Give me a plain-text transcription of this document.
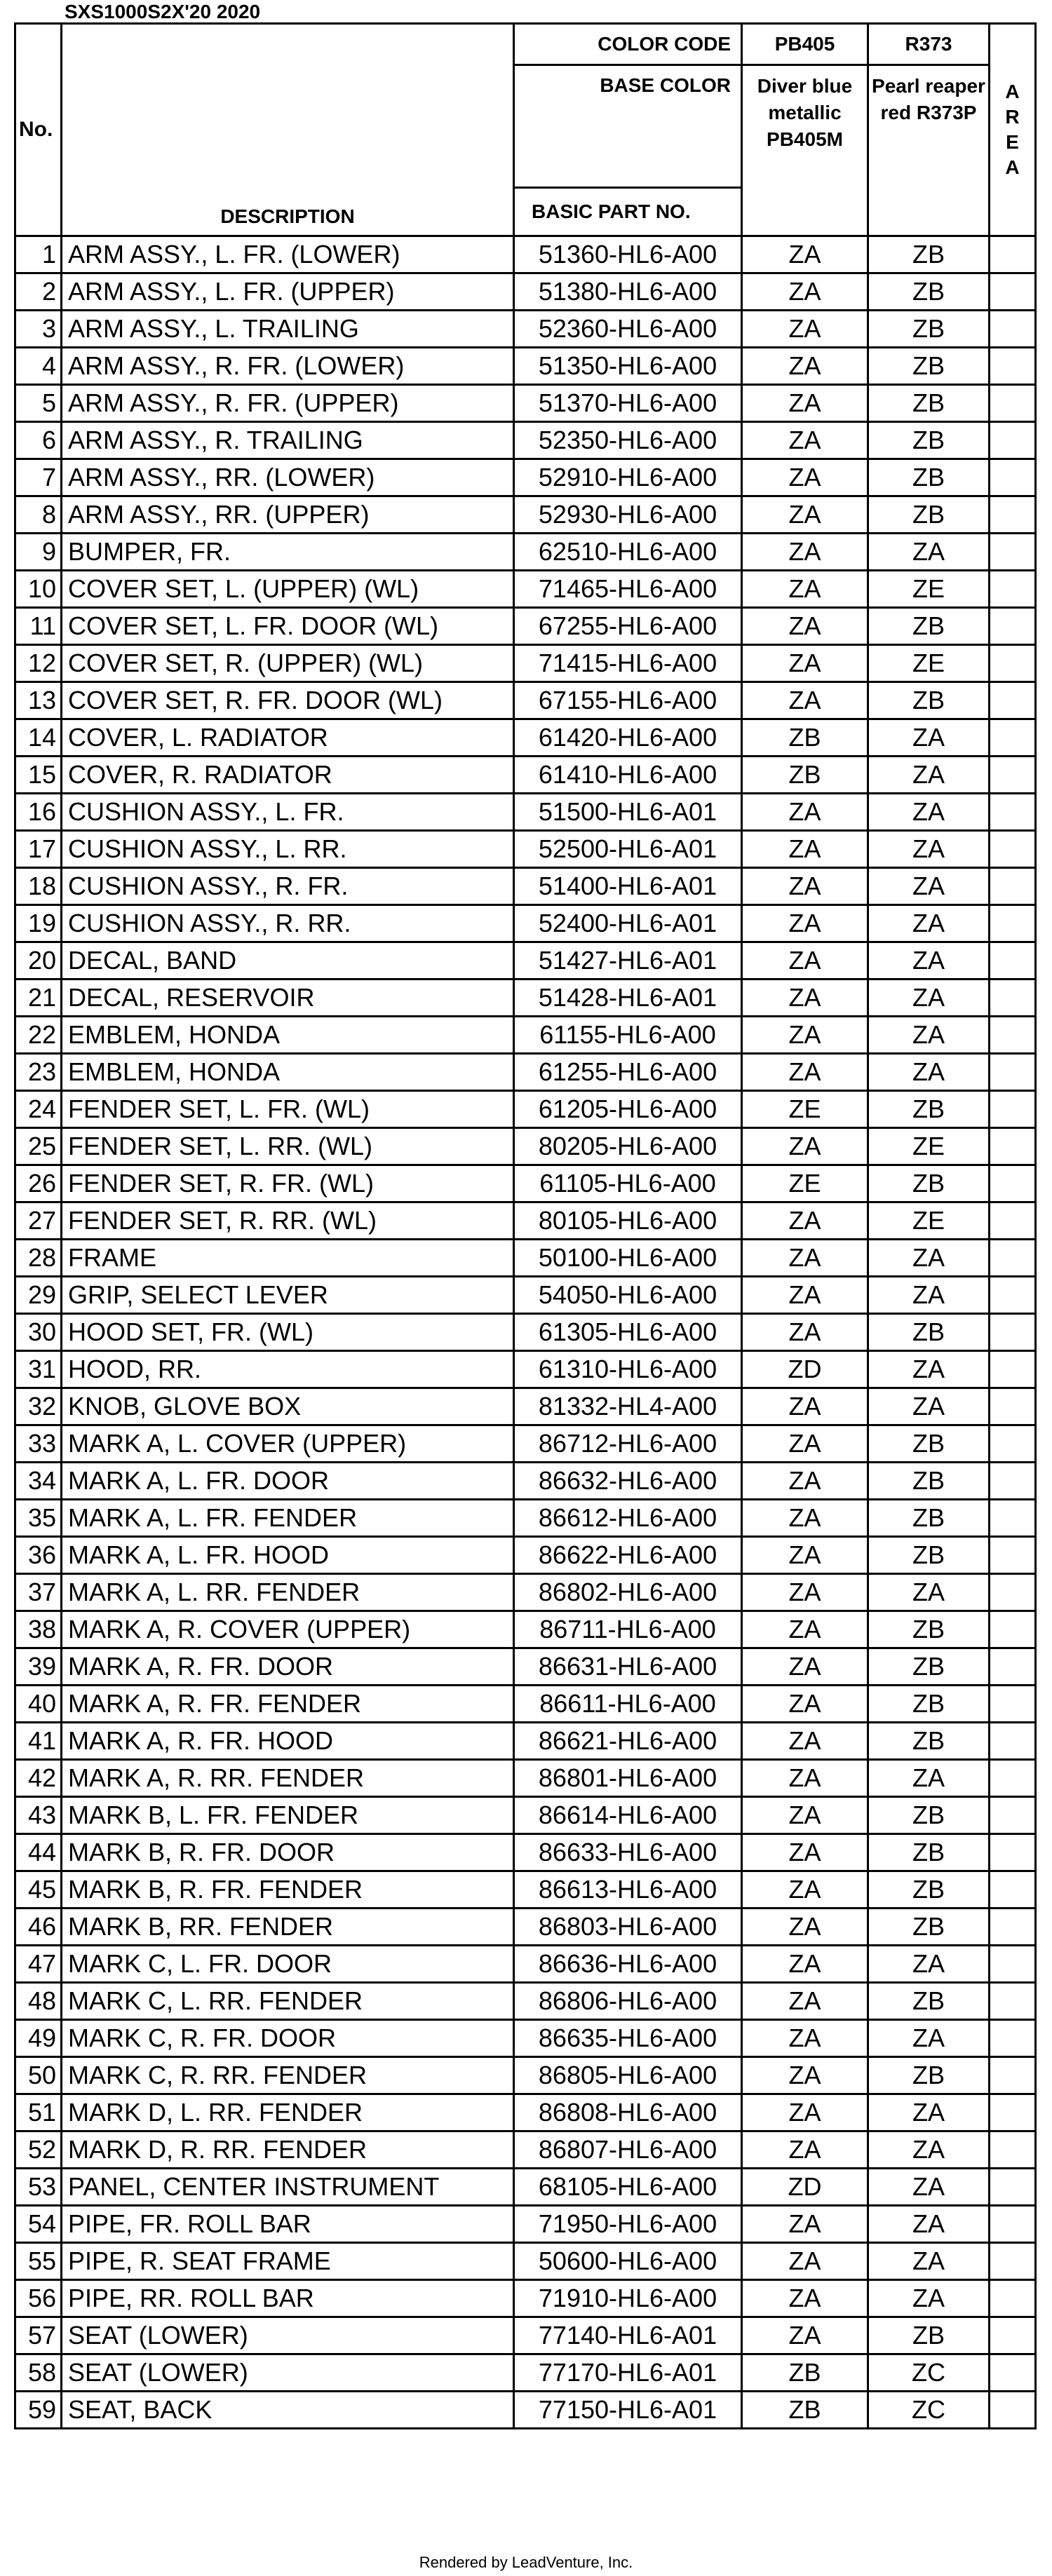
SXS1000S2X'20 2020
No.		COLOR CODE	PB405	R373	A R E A
		BASE COLOR	Diver blue metallic PB405M	Pearl reaper red R373P	
	DESCRIPTION	BASIC PART NO.			
1	ARM ASSY., L. FR. (LOWER)	51360-HL6-A00	ZA	ZB	
2	ARM ASSY., L. FR. (UPPER)	51380-HL6-A00	ZA	ZB	
3	ARM ASSY., L. TRAILING	52360-HL6-A00	ZA	ZB	
4	ARM ASSY., R. FR. (LOWER)	51350-HL6-A00	ZA	ZB	
5	ARM ASSY., R. FR. (UPPER)	51370-HL6-A00	ZA	ZB	
6	ARM ASSY., R. TRAILING	52350-HL6-A00	ZA	ZB	
7	ARM ASSY., RR. (LOWER)	52910-HL6-A00	ZA	ZB	
8	ARM ASSY., RR. (UPPER)	52930-HL6-A00	ZA	ZB	
9	BUMPER, FR.	62510-HL6-A00	ZA	ZA	
10	COVER SET, L. (UPPER) (WL)	71465-HL6-A00	ZA	ZE	
11	COVER SET, L. FR. DOOR (WL)	67255-HL6-A00	ZA	ZB	
12	COVER SET, R. (UPPER) (WL)	71415-HL6-A00	ZA	ZE	
13	COVER SET, R. FR. DOOR (WL)	67155-HL6-A00	ZA	ZB	
14	COVER, L. RADIATOR	61420-HL6-A00	ZB	ZA	
15	COVER, R. RADIATOR	61410-HL6-A00	ZB	ZA	
16	CUSHION ASSY., L. FR.	51500-HL6-A01	ZA	ZA	
17	CUSHION ASSY., L. RR.	52500-HL6-A01	ZA	ZA	
18	CUSHION ASSY., R. FR.	51400-HL6-A01	ZA	ZA	
19	CUSHION ASSY., R. RR.	52400-HL6-A01	ZA	ZA	
20	DECAL, BAND	51427-HL6-A01	ZA	ZA	
21	DECAL, RESERVOIR	51428-HL6-A01	ZA	ZA	
22	EMBLEM, HONDA	61155-HL6-A00	ZA	ZA	
23	EMBLEM, HONDA	61255-HL6-A00	ZA	ZA	
24	FENDER SET, L. FR. (WL)	61205-HL6-A00	ZE	ZB	
25	FENDER SET, L. RR. (WL)	80205-HL6-A00	ZA	ZE	
26	FENDER SET, R. FR. (WL)	61105-HL6-A00	ZE	ZB	
27	FENDER SET, R. RR. (WL)	80105-HL6-A00	ZA	ZE	
28	FRAME	50100-HL6-A00	ZA	ZA	
29	GRIP, SELECT LEVER	54050-HL6-A00	ZA	ZA	
30	HOOD SET, FR. (WL)	61305-HL6-A00	ZA	ZB	
31	HOOD, RR.	61310-HL6-A00	ZD	ZA	
32	KNOB, GLOVE BOX	81332-HL4-A00	ZA	ZA	
33	MARK A, L. COVER (UPPER)	86712-HL6-A00	ZA	ZB	
34	MARK A, L. FR. DOOR	86632-HL6-A00	ZA	ZB	
35	MARK A, L. FR. FENDER	86612-HL6-A00	ZA	ZB	
36	MARK A, L. FR. HOOD	86622-HL6-A00	ZA	ZB	
37	MARK A, L. RR. FENDER	86802-HL6-A00	ZA	ZA	
38	MARK A, R. COVER (UPPER)	86711-HL6-A00	ZA	ZB	
39	MARK A, R. FR. DOOR	86631-HL6-A00	ZA	ZB	
40	MARK A, R. FR. FENDER	86611-HL6-A00	ZA	ZB	
41	MARK A, R. FR. HOOD	86621-HL6-A00	ZA	ZB	
42	MARK A, R. RR. FENDER	86801-HL6-A00	ZA	ZA	
43	MARK B, L. FR. FENDER	86614-HL6-A00	ZA	ZB	
44	MARK B, R. FR. DOOR	86633-HL6-A00	ZA	ZB	
45	MARK B, R. FR. FENDER	86613-HL6-A00	ZA	ZB	
46	MARK B, RR. FENDER	86803-HL6-A00	ZA	ZB	
47	MARK C, L. FR. DOOR	86636-HL6-A00	ZA	ZA	
48	MARK C, L. RR. FENDER	86806-HL6-A00	ZA	ZB	
49	MARK C, R. FR. DOOR	86635-HL6-A00	ZA	ZA	
50	MARK C, R. RR. FENDER	86805-HL6-A00	ZA	ZB	
51	MARK D, L. RR. FENDER	86808-HL6-A00	ZA	ZA	
52	MARK D, R. RR. FENDER	86807-HL6-A00	ZA	ZA	
53	PANEL, CENTER INSTRUMENT	68105-HL6-A00	ZD	ZA	
54	PIPE, FR. ROLL BAR	71950-HL6-A00	ZA	ZA	
55	PIPE, R. SEAT FRAME	50600-HL6-A00	ZA	ZA	
56	PIPE, RR. ROLL BAR	71910-HL6-A00	ZA	ZA	
57	SEAT (LOWER)	77140-HL6-A01	ZA	ZB	
58	SEAT (LOWER)	77170-HL6-A01	ZB	ZC	
59	SEAT, BACK	77150-HL6-A01	ZB	ZC	
Rendered by LeadVenture, Inc.
